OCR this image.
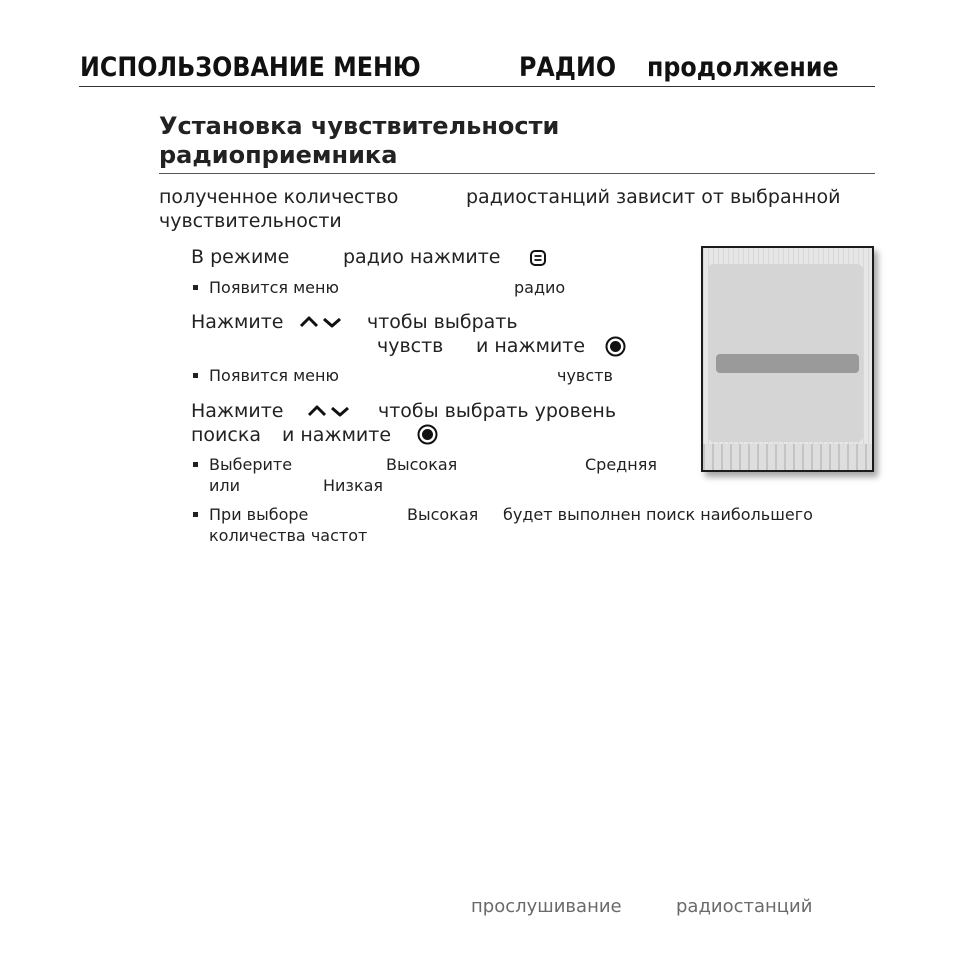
ИСПОЛЬЗОВАНИЕ МЕНЮ	РАДИО продолжение
Установка чувствительности
радиоприемника
полученное количество	радиостанций зависит от выбранной
чувствительности
В режиме	радио нажмите
Появится меню	радио
Нажмите	чтобы выбрать
чувств и нажмите
Появится меню	чувств
Нажмите	чтобы выбрать уровень
поиска и нажмите
Выберите	Высокая	Средняя
или	Низкая
При выборе	Высокая будет выполнен поиск наибольшего
количества частот
прослушивание	радиостанций
